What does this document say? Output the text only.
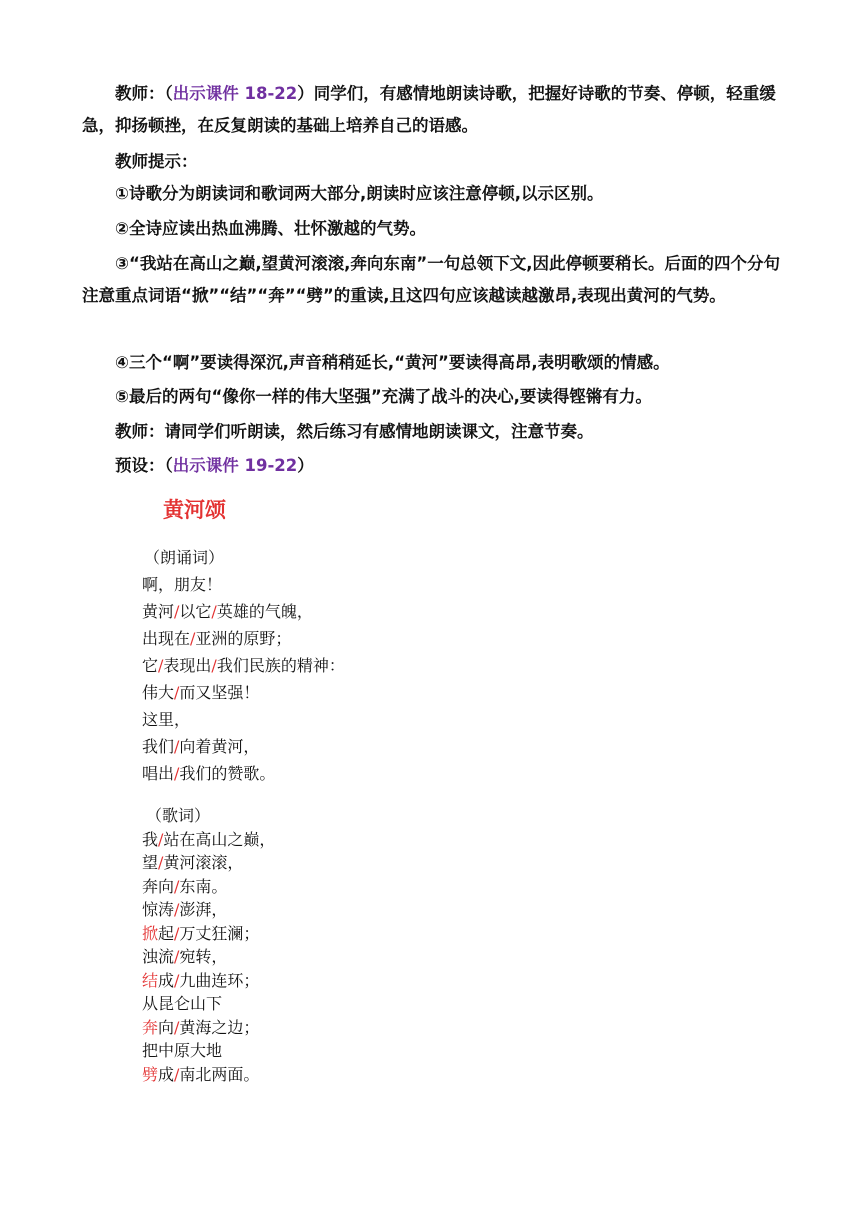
教师：（出示课件 18-22）同学们，有感情地朗读诗歌，把握好诗歌的节奏、停顿，轻重缓急，抑扬顿挫，在反复朗读的基础上培养自己的语感。

教师提示：

①诗歌分为朗读词和歌词两大部分,朗读时应该注意停顿,以示区别。

②全诗应读出热血沸腾、壮怀激越的气势。

③“我站在高山之巅,望黄河滚滚,奔向东南”一句总领下文,因此停顿要稍长。后面的四个分句注意重点词语“掀”“结”“奔”“劈”的重读,且这四句应该越读越激昂,表现出黄河的气势。

④三个“啊”要读得深沉,声音稍稍延长,“黄河”要读得高昂,表明歌颂的情感。

⑤最后的两句“像你一样的伟大坚强”充满了战斗的决心,要读得铿锵有力。

教师：请同学们听朗读，然后练习有感情地朗读课文，注意节奏。

预设：（出示课件 19-22）

黄河颂
（朗诵词）
啊，朋友！
黄河/以它/英雄的气魄，
出现在/亚洲的原野；
它/表现出/我们民族的精神：
伟大/而又坚强！
这里，
我们/向着黄河，
唱出/我们的赞歌。
（歌词）
我/站在高山之巅，
望/黄河滚滚，
奔向/东南。
惊涛/澎湃，
掀起/万丈狂澜；
浊流/宛转，
结成/九曲连环；
从昆仑山下
奔向/黄海之边；
把中原大地
劈成/南北两面。
